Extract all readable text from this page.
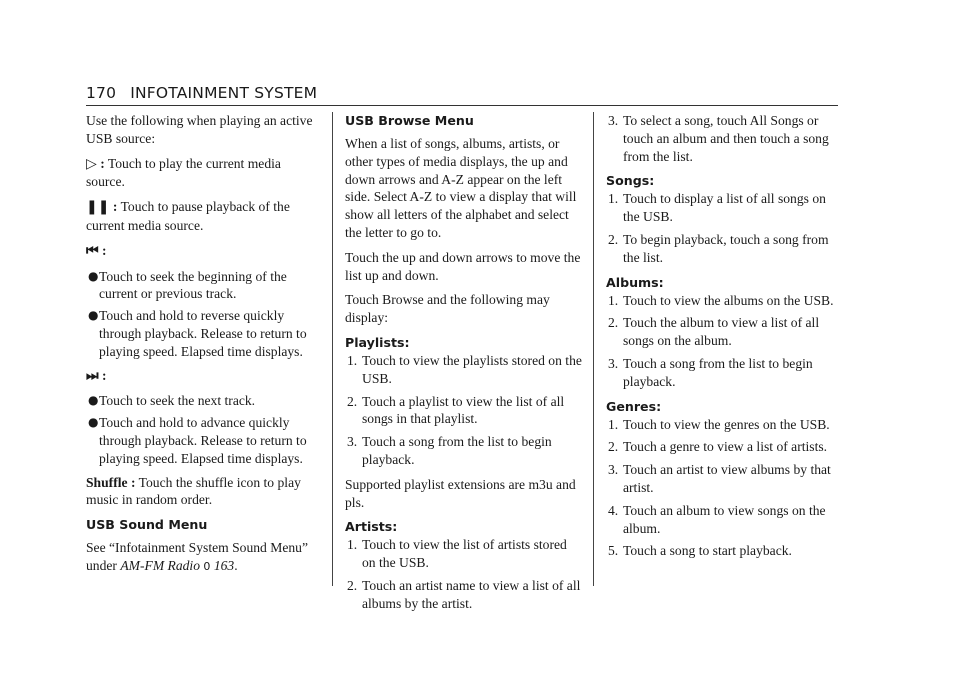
170 INFOTAINMENT SYSTEM

Use the following when playing an active USB source:

▷ : Touch to play the current media source.

❚❚ : Touch to pause playback of the current media source.

⏮ :

● Touch to seek the beginning of the current or previous track.
● Touch and hold to reverse quickly through playback. Release to return to playing speed. Elapsed time displays.

⏭ :

● Touch to seek the next track.
● Touch and hold to advance quickly through playback. Release to return to playing speed. Elapsed time displays.

Shuffle : Touch the shuffle icon to play music in random order.

USB Sound Menu

See “Infotainment System Sound Menu” under AM-FM Radio 0 163.

USB Browse Menu

When a list of songs, albums, artists, or other types of media displays, the up and down arrows and A-Z appear on the left side. Select A-Z to view a display that will show all letters of the alphabet and select the letter to go to.

Touch the up and down arrows to move the list up and down.

Touch Browse and the following may display:

Playlists:
1. Touch to view the playlists stored on the USB.
2. Touch a playlist to view the list of all songs in that playlist.
3. Touch a song from the list to begin playback.

Supported playlist extensions are m3u and pls.

Artists:
1. Touch to view the list of artists stored on the USB.
2. Touch an artist name to view a list of all albums by the artist.
3. To select a song, touch All Songs or touch an album and then touch a song from the list.
Songs:
1. Touch to display a list of all songs on the USB.
2. To begin playback, touch a song from the list.
Albums:
1. Touch to view the albums on the USB.
2. Touch the album to view a list of all songs on the album.
3. Touch a song from the list to begin playback.
Genres:
1. Touch to view the genres on the USB.
2. Touch a genre to view a list of artists.
3. Touch an artist to view albums by that artist.
4. Touch an album to view songs on the album.
5. Touch a song to start playback.
